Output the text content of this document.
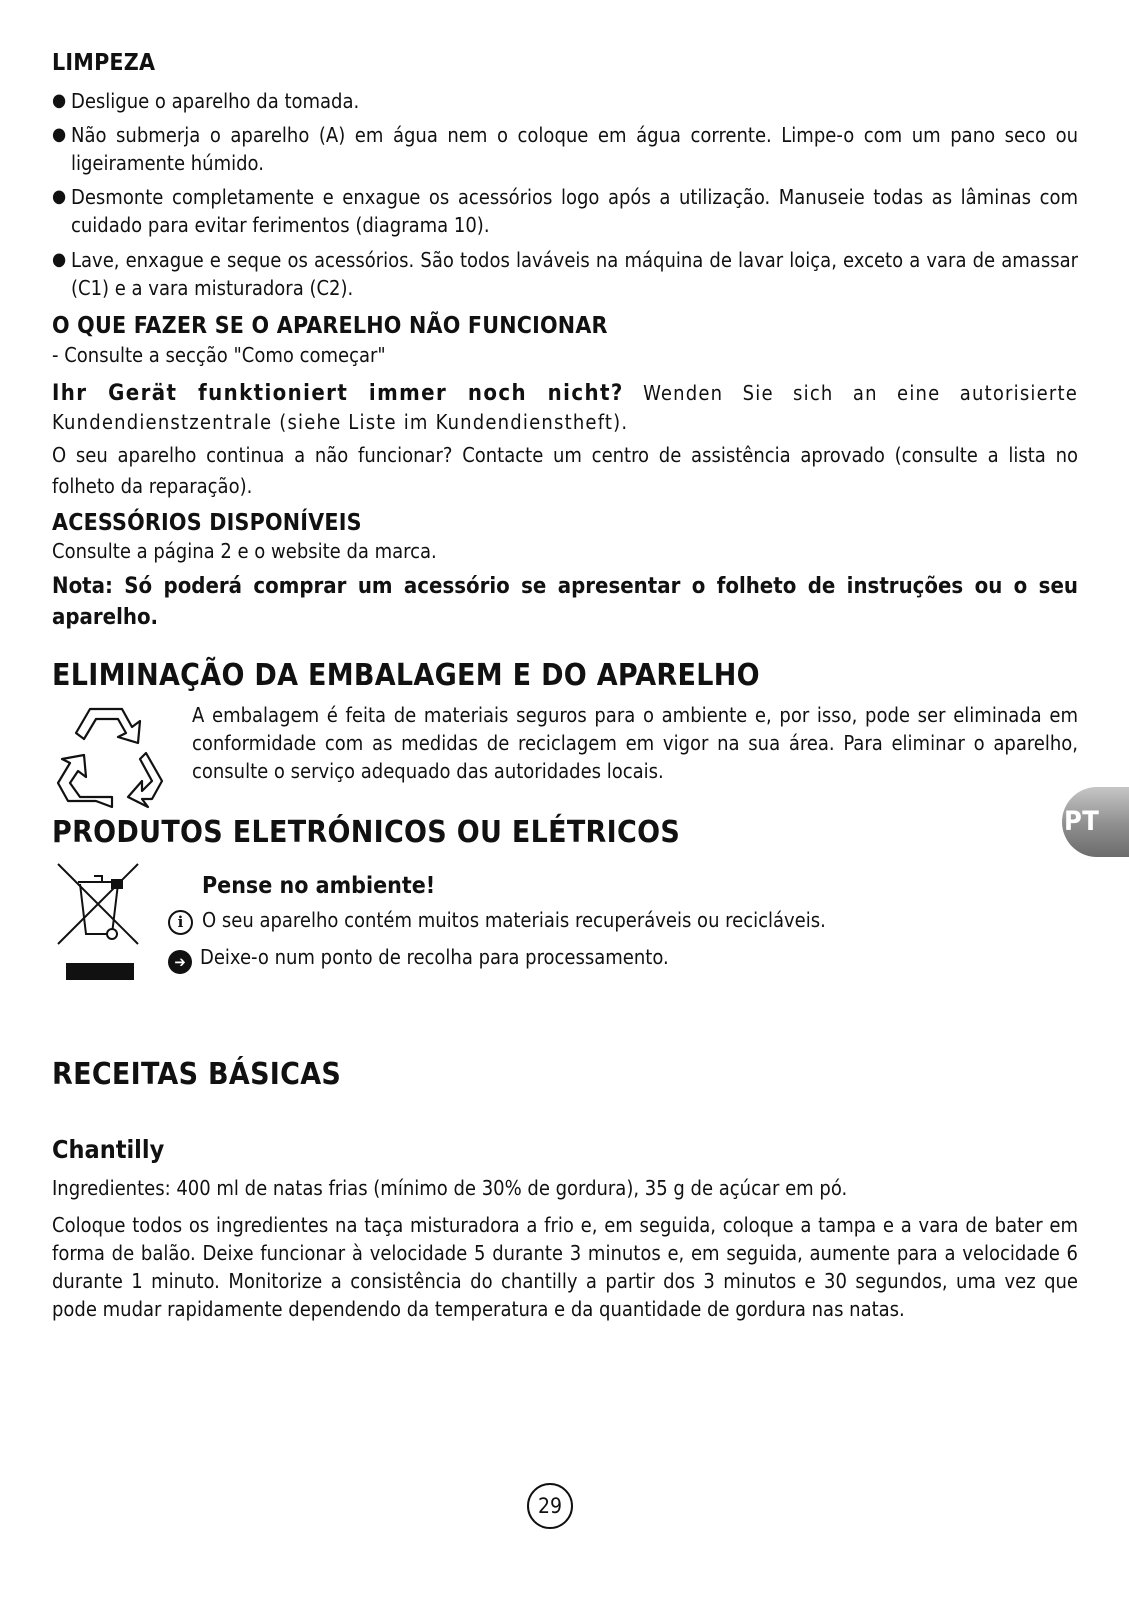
LIMPEZA
● Desligue o aparelho da tomada.
● Não submerja o aparelho (A) em água nem o coloque em água corrente. Limpe-o com um pano seco ou ligeiramente húmido.
● Desmonte completamente e enxague os acessórios logo após a utilização. Manuseie todas as lâminas com cuidado para evitar ferimentos (diagrama 10).
● Lave, enxague e seque os acessórios. São todos laváveis na máquina de lavar loiça, exceto a vara de amassar (C1) e a vara misturadora (C2).
O QUE FAZER SE O APARELHO NÃO FUNCIONAR
- Consulte a secção "Como começar"
Ihr Gerät funktioniert immer noch nicht? Wenden Sie sich an eine autorisierte Kundendienstzentrale (siehe Liste im Kundendienstheft).
O seu aparelho continua a não funcionar? Contacte um centro de assistência aprovado (consulte a lista no folheto da reparação).
ACESSÓRIOS DISPONÍVEIS
Consulte a página 2 e o website da marca.
Nota: Só poderá comprar um acessório se apresentar o folheto de instruções ou o seu aparelho.
ELIMINAÇÃO DA EMBALAGEM E DO APARELHO
A embalagem é feita de materiais seguros para o ambiente e, por isso, pode ser eliminada em conformidade com as medidas de reciclagem em vigor na sua área. Para eliminar o aparelho, consulte o serviço adequado das autoridades locais.
PRODUTOS ELETRÓNICOS OU ELÉTRICOS
Pense no ambiente!
i O seu aparelho contém muitos materiais recuperáveis ou recicláveis.
➔ Deixe-o num ponto de recolha para processamento.
RECEITAS BÁSICAS
Chantilly
Ingredientes: 400 ml de natas frias (mínimo de 30% de gordura), 35 g de açúcar em pó.
Coloque todos os ingredientes na taça misturadora a frio e, em seguida, coloque a tampa e a vara de bater em forma de balão. Deixe funcionar à velocidade 5 durante 3 minutos e, em seguida, aumente para a velocidade 6 durante 1 minuto. Monitorize a consistência do chantilly a partir dos 3 minutos e 30 segundos, uma vez que pode mudar rapidamente dependendo da temperatura e da quantidade de gordura nas natas.
PT
29
